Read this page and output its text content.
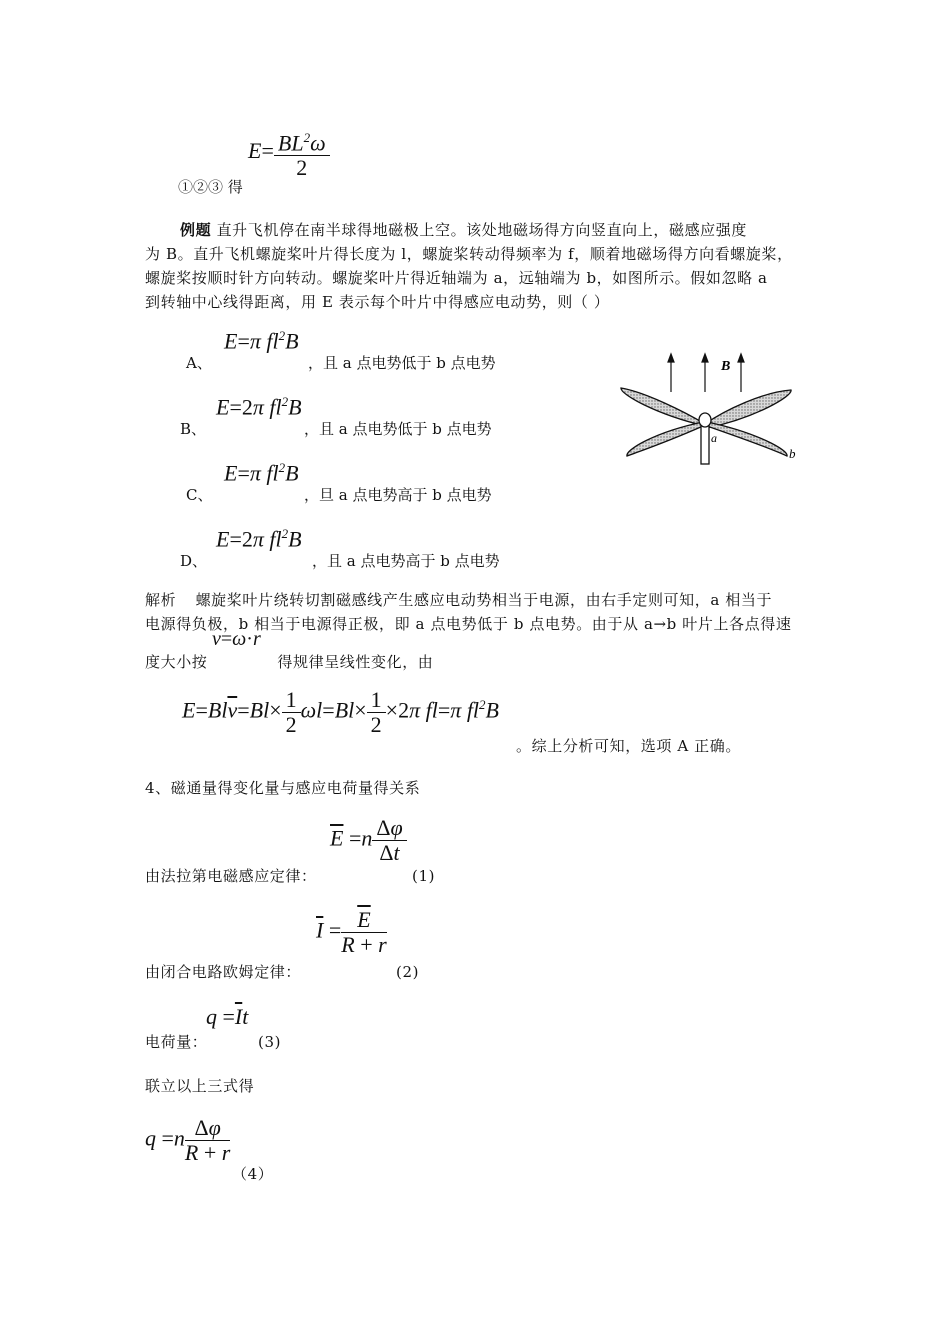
$E= \frac{BL^2\omega}{2}$
①②③ 得
例题 直升飞机停在南半球得地磁极上空。该处地磁场得方向竖直向上，磁感应强度
为 B。直升飞机螺旋桨叶片得长度为 l，螺旋桨转动得频率为 f，顺着地磁场得方向看螺旋桨，
螺旋桨按顺时针方向转动。螺旋桨叶片得近轴端为 a，远轴端为 b，如图所示。假如忽略 a
到转轴中心线得距离，用 E 表示每个叶片中得感应电动势，则（ ）
E=π $fl^2B$
A、	，且 a 点电势低于 b 点电势
E=2π $fl^2B$
B、	，且 a 点电势低于 b 点电势
E=π $fl^2B$
C、	，旦 a 点电势高于 b 点电势
E=2π $fl^2B$
D、	，且 a 点电势高于 b 点电势
B
a
b
解析 螺旋桨叶片绕转切割磁感线产生感应电动势相当于电源，由右手定则可知，a 相当于
电源得负极，b 相当于电源得正极，即 a 点电势低于 b 点电势。由于从 a→b 叶片上各点得速
v=ω·r
度大小按	得规律呈线性变化，由
$E=Bl\overline{v}=Bl\times \frac{1}{2} \omega l=Bl\times \frac{1}{2} \times 2\pi$ fl=π $fl^2B$
。综上分析可知，选项 A 正确。
4、磁通量得变化量与感应电荷量得关系
$\overline{E} =n \frac{\Delta\varphi}{\Delta t}$
由法拉第电磁感应定律：	(1)
$\overline{I} = \frac{\overline{E}}{R + r}$
由闭合电路欧姆定律：	(2)
$q =\overline{I}t$
电荷量：	(3)
联立以上三式得
$q =n \frac{\Delta\varphi}{R + r}$
（4）
